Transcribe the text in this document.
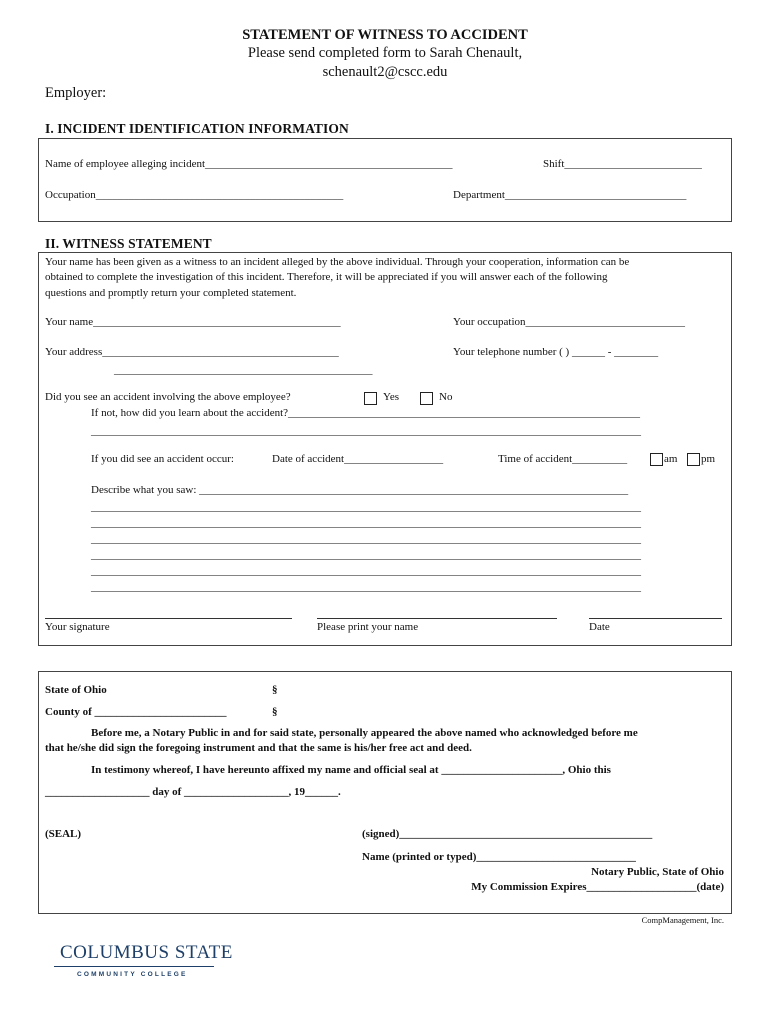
STATEMENT OF WITNESS TO ACCIDENT
Please send completed form to Sarah Chenault,
schenault2@cscc.edu
Employer:
I. INCIDENT IDENTIFICATION INFORMATION
Name of employee alleging incident_____________________________________________	Shift_________________________
Occupation_____________________________________________	Department_________________________________
II. WITNESS STATEMENT
Your name has been given as a witness to an incident alleged by the above individual. Through your cooperation, information can be
obtained to complete the investigation of this incident. Therefore, it will be appreciated if you will answer each of the following
questions and promptly return your completed statement.
Your name_____________________________________________	Your occupation_____________________________
Your address___________________________________________	Your telephone number ( ) ______ - ________
_______________________________________________
Did you see an accident involving the above employee?	Yes	No
If not, how did you learn about the accident?________________________________________________________________
____________________________________________________________________________________________________
If you did see an accident occur:	Date of accident__________________	Time of accident__________	am pm
Describe what you saw: ______________________________________________________________________________
____________________________________________________________________________________________________
____________________________________________________________________________________________________
____________________________________________________________________________________________________
____________________________________________________________________________________________________
____________________________________________________________________________________________________
____________________________________________________________________________________________________
Your signature	Please print your name	Date
State of Ohio	§
County of ________________________	§
Before me, a Notary Public in and for said state, personally appeared the above named who acknowledged before me
that he/she did sign the foregoing instrument and that the same is his/her free act and deed.
In testimony whereof, I have hereunto affixed my name and official seal at ______________________, Ohio this
___________________ day of ___________________, 19______.
(SEAL)	(signed)______________________________________________
Name (printed or typed)_____________________________
Notary Public, State of Ohio
My Commission Expires____________________(date)
CompManagement, Inc.
COLUMBUS STATE
COMMUNITY COLLEGE
